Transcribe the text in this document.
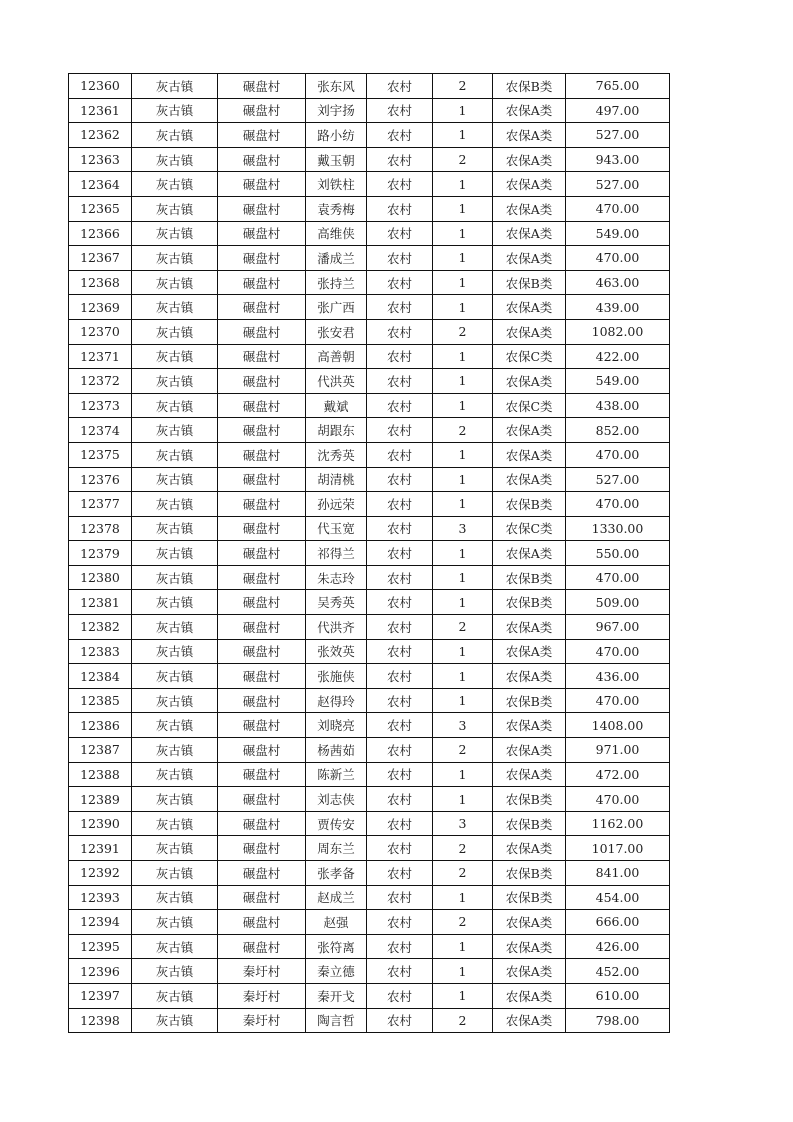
12360	灰古镇	碾盘村	张东风	农村	2	农保B类	765.00
12361	灰古镇	碾盘村	刘宇扬	农村	1	农保A类	497.00
12362	灰古镇	碾盘村	路小纺	农村	1	农保A类	527.00
12363	灰古镇	碾盘村	戴玉朝	农村	2	农保A类	943.00
12364	灰古镇	碾盘村	刘铁柱	农村	1	农保A类	527.00
12365	灰古镇	碾盘村	袁秀梅	农村	1	农保A类	470.00
12366	灰古镇	碾盘村	高维侠	农村	1	农保A类	549.00
12367	灰古镇	碾盘村	潘成兰	农村	1	农保A类	470.00
12368	灰古镇	碾盘村	张持兰	农村	1	农保B类	463.00
12369	灰古镇	碾盘村	张广西	农村	1	农保A类	439.00
12370	灰古镇	碾盘村	张安君	农村	2	农保A类	1082.00
12371	灰古镇	碾盘村	高善朝	农村	1	农保C类	422.00
12372	灰古镇	碾盘村	代洪英	农村	1	农保A类	549.00
12373	灰古镇	碾盘村	戴斌	农村	1	农保C类	438.00
12374	灰古镇	碾盘村	胡跟东	农村	2	农保A类	852.00
12375	灰古镇	碾盘村	沈秀英	农村	1	农保A类	470.00
12376	灰古镇	碾盘村	胡清桃	农村	1	农保A类	527.00
12377	灰古镇	碾盘村	孙远荣	农村	1	农保B类	470.00
12378	灰古镇	碾盘村	代玉宽	农村	3	农保C类	1330.00
12379	灰古镇	碾盘村	祁得兰	农村	1	农保A类	550.00
12380	灰古镇	碾盘村	朱志玲	农村	1	农保B类	470.00
12381	灰古镇	碾盘村	吴秀英	农村	1	农保B类	509.00
12382	灰古镇	碾盘村	代洪齐	农村	2	农保A类	967.00
12383	灰古镇	碾盘村	张效英	农村	1	农保A类	470.00
12384	灰古镇	碾盘村	张施侠	农村	1	农保A类	436.00
12385	灰古镇	碾盘村	赵得玲	农村	1	农保B类	470.00
12386	灰古镇	碾盘村	刘晓亮	农村	3	农保A类	1408.00
12387	灰古镇	碾盘村	杨茜茹	农村	2	农保A类	971.00
12388	灰古镇	碾盘村	陈新兰	农村	1	农保A类	472.00
12389	灰古镇	碾盘村	刘志侠	农村	1	农保B类	470.00
12390	灰古镇	碾盘村	贾传安	农村	3	农保B类	1162.00
12391	灰古镇	碾盘村	周东兰	农村	2	农保A类	1017.00
12392	灰古镇	碾盘村	张孝备	农村	2	农保B类	841.00
12393	灰古镇	碾盘村	赵成兰	农村	1	农保B类	454.00
12394	灰古镇	碾盘村	赵强	农村	2	农保A类	666.00
12395	灰古镇	碾盘村	张符离	农村	1	农保A类	426.00
12396	灰古镇	秦圩村	秦立德	农村	1	农保A类	452.00
12397	灰古镇	秦圩村	秦开戈	农村	1	农保A类	610.00
12398	灰古镇	秦圩村	陶言哲	农村	2	农保A类	798.00
